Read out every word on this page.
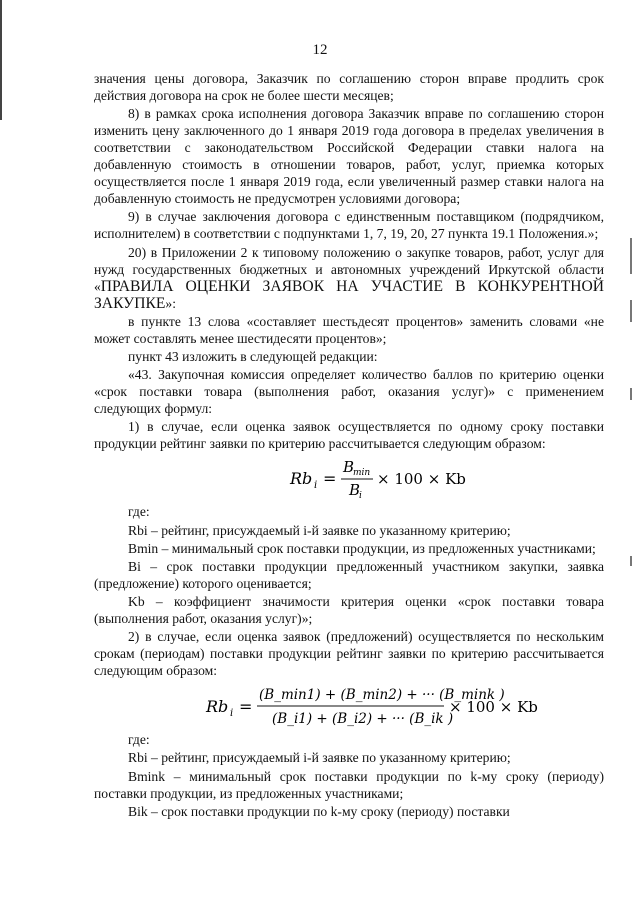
12

значения цены договора, Заказчик по соглашению сторон вправе продлить срок действия договора на срок не более шести месяцев;

8) в рамках срока исполнения договора Заказчик вправе по соглашению сторон изменить цену заключенного до 1 января 2019 года договора в пределах увеличения в соответствии с законодательством Российской Федерации ставки налога на добавленную стоимость в отношении товаров, работ, услуг, приемка которых осуществляется после 1 января 2019 года, если увеличенный размер ставки налога на добавленную стоимость не предусмотрен условиями договора;

9) в случае заключения договора с единственным поставщиком (подрядчиком, исполнителем) в соответствии с подпунктами 1, 7, 19, 20, 27 пункта 19.1 Положения.»;

20) в Приложении 2 к типовому положению о закупке товаров, работ, услуг для нужд государственных бюджетных и автономных учреждений Иркутской области «ПРАВИЛА ОЦЕНКИ ЗАЯВОК НА УЧАСТИЕ В КОНКУРЕНТНОЙ ЗАКУПКЕ»:

в пункте 13 слова «составляет шестьдесят процентов» заменить словами «не может составлять менее шестидесяти процентов»;

пункт 43 изложить в следующей редакции:

«43. Закупочная комиссия определяет количество баллов по критерию оценки «срок поставки товара (выполнения работ, оказания услуг)» с применением следующих формул:

1) в случае, если оценка заявок осуществляется по одному сроку поставки продукции рейтинг заявки по критерию рассчитывается следующим образом:

Rb i =
B
min
B
i
× 100 × Kb

где:

Rbi – рейтинг, присуждаемый i-й заявке по указанному критерию;

Bmin – минимальный срок поставки продукции, из предложенных участниками;

Bi – срок поставки продукции предложенный участником закупки, заявка (предложение) которого оценивается;

Kb – коэффициент значимости критерия оценки «срок поставки товара (выполнения работ, оказания услуг)»;

2) в случае, если оценка заявок (предложений) осуществляется по нескольким срокам (периодам) поставки продукции рейтинг заявки по критерию рассчитывается следующим образом:

Rb i =
(B_min1) + (B_min2) + ··· (B_mink )
(B_i1) + (B_i2) + ··· (B_ik )
× 100 × Kb

где:

Rbi – рейтинг, присуждаемый i-й заявке по указанному критерию;

Bmink – минимальный срок поставки продукции по k-му сроку (периоду) поставки продукции, из предложенных участниками;

Bik – срок поставки продукции по k-му сроку (периоду) поставки
